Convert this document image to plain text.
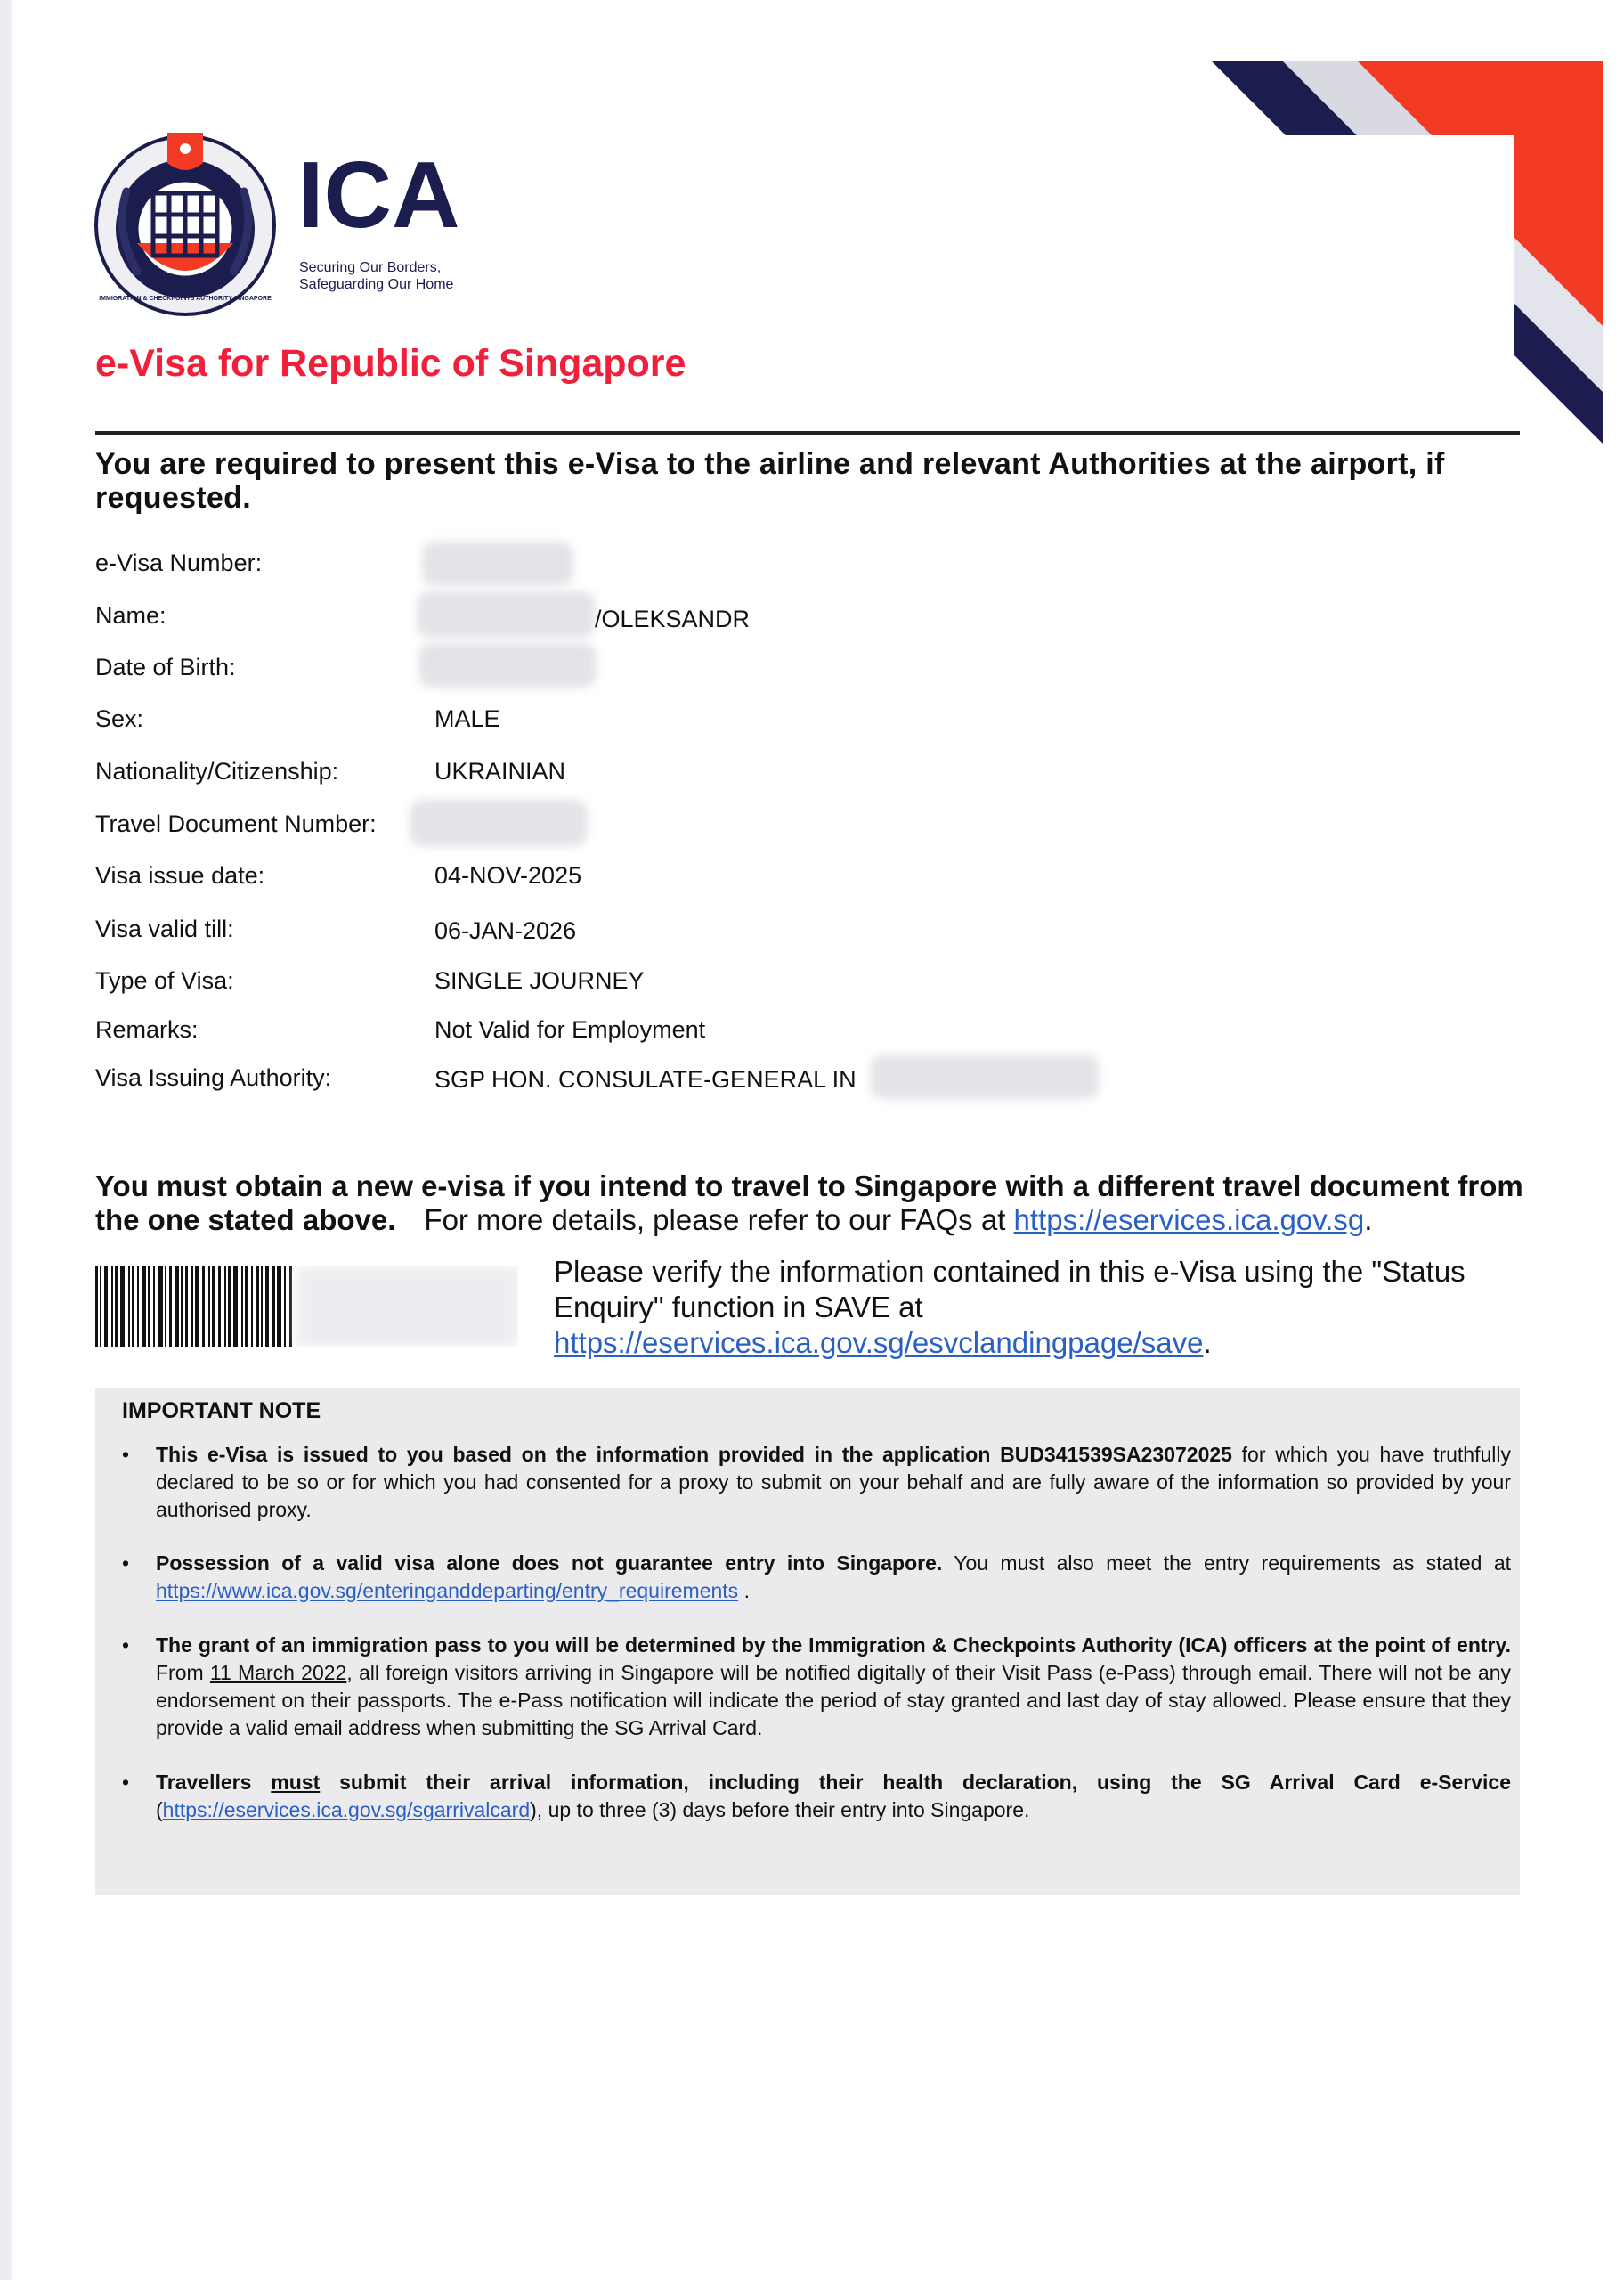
IMMIGRATION & CHECKPOINTS AUTHORITY SINGAPORE
ICA
Securing Our Borders,
Safeguarding Our Home
e-Visa for Republic of Singapore
You are required to present this e-Visa to the airline and relevant Authorities at the airport, if requested.
e-Visa Number:
Name:	/OLEKSANDR
Date of Birth:
Sex:	MALE
Nationality/Citizenship:	UKRAINIAN
Travel Document Number:
Visa issue date:	04-NOV-2025
Visa valid till:	06-JAN-2026
Type of Visa:	SINGLE JOURNEY
Remarks:	Not Valid for Employment
Visa Issuing Authority:	SGP HON. CONSULATE-GENERAL IN
You must obtain a new e-visa if you intend to travel to Singapore with a different travel document from the one stated above. For more details, please refer to our FAQs at https://eservices.ica.gov.sg.
Please verify the information contained in this e-Visa using the "Status Enquiry" function in SAVE at https://eservices.ica.gov.sg/esvclandingpage/save.
IMPORTANT NOTE
• This e-Visa is issued to you based on the information provided in the application BUD341539SA23072025 for which you have truthfully declared to be so or for which you had consented for a proxy to submit on your behalf and are fully aware of the information so provided by your authorised proxy.
• Possession of a valid visa alone does not guarantee entry into Singapore. You must also meet the entry requirements as stated at https://www.ica.gov.sg/enteringanddeparting/entry_requirements .
• The grant of an immigration pass to you will be determined by the Immigration & Checkpoints Authority (ICA) officers at the point of entry. From 11 March 2022, all foreign visitors arriving in Singapore will be notified digitally of their Visit Pass (e-Pass) through email. There will not be any endorsement on their passports. The e-Pass notification will indicate the period of stay granted and last day of stay allowed. Please ensure that they provide a valid email address when submitting the SG Arrival Card.
• Travellers must submit their arrival information, including their health declaration, using the SG Arrival Card e-Service (https://eservices.ica.gov.sg/sgarrivalcard), up to three (3) days before their entry into Singapore.
